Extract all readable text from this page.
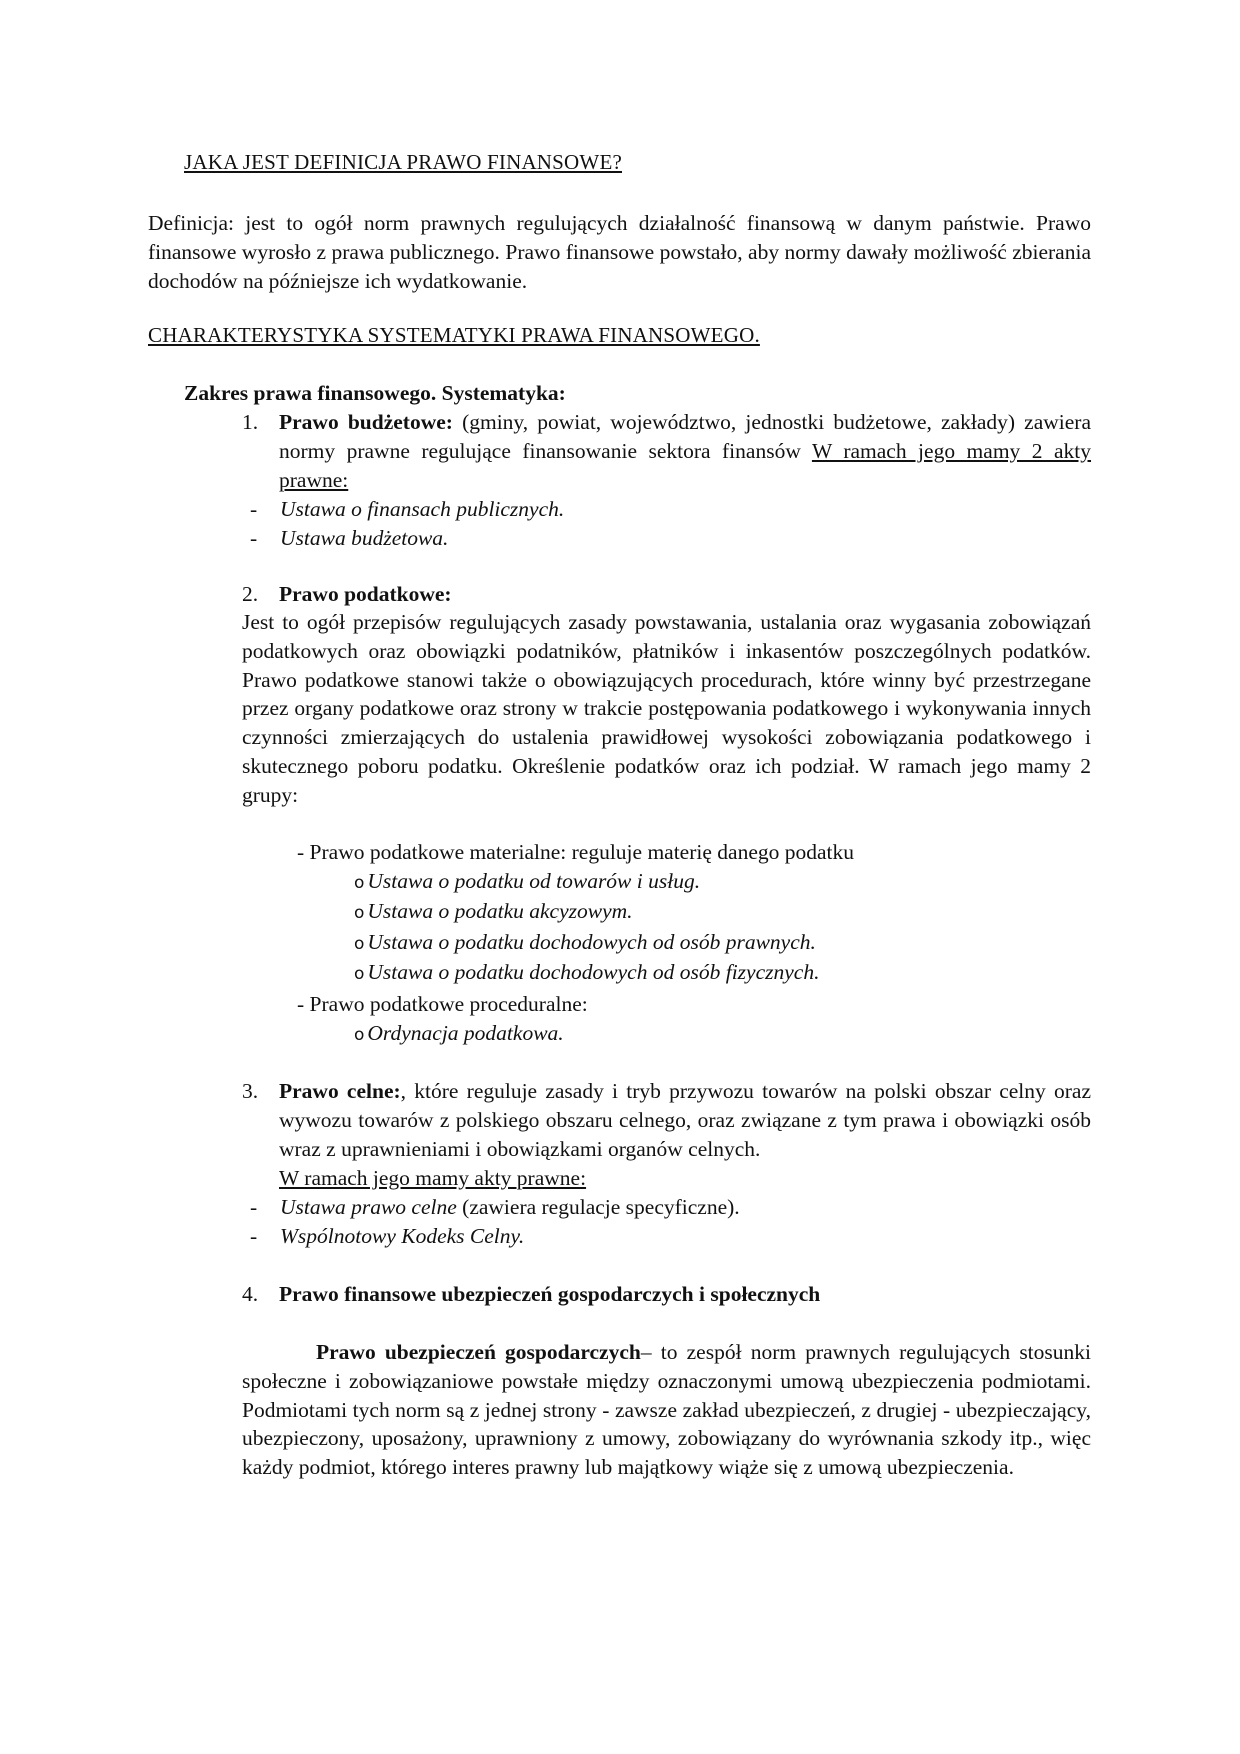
JAKA JEST DEFINICJA PRAWO FINANSOWE?

Definicja: jest to ogół norm prawnych regulujących działalność finansową w danym państwie. Prawo finansowe wyrosło z prawa publicznego. Prawo finansowe powstało, aby normy dawały możliwość zbierania dochodów na późniejsze ich wydatkowanie.

CHARAKTERYSTYKA SYSTEMATYKI PRAWA FINANSOWEGO.

Zakres prawa finansowego. Systematyka:

1. Prawo budżetowe: (gminy, powiat, województwo, jednostki budżetowe, zakłady) zawiera normy prawne regulujące finansowanie sektora finansów W ramach jego mamy 2 akty prawne:

- Ustawa o finansach publicznych.
- Ustawa budżetowa.
2. Prawo podatkowe:

Jest to ogół przepisów regulujących zasady powstawania, ustalania oraz wygasania zobowiązań podatkowych oraz obowiązki podatników, płatników i inkasentów poszczególnych podatków. Prawo podatkowe stanowi także o obowiązujących procedurach, które winny być przestrzegane przez organy podatkowe oraz strony w trakcie postępowania podatkowego i wykonywania innych czynności zmierzających do ustalenia prawidłowej wysokości zobowiązania podatkowego i skutecznego poboru podatku. Określenie podatków oraz ich podział. W ramach jego mamy 2 grupy:

- Prawo podatkowe materialne: reguluje materię danego podatku
o Ustawa o podatku od towarów i usług.
o Ustawa o podatku akcyzowym.
o Ustawa o podatku dochodowych od osób prawnych.
o Ustawa o podatku dochodowych od osób fizycznych.
- Prawo podatkowe proceduralne:
o Ordynacja podatkowa.
3. Prawo celne:, które reguluje zasady i tryb przywozu towarów na polski obszar celny oraz wywozu towarów z polskiego obszaru celnego, oraz związane z tym prawa i obowiązki osób wraz z uprawnieniami i obowiązkami organów celnych.

W ramach jego mamy akty prawne:
- Ustawa prawo celne (zawiera regulacje specyficzne).
- Wspólnotowy Kodeks Celny.
4. Prawo finansowe ubezpieczeń gospodarczych i społecznych

Prawo ubezpieczeń gospodarczych– to zespół norm prawnych regulujących stosunki społeczne i zobowiązaniowe powstałe między oznaczonymi umową ubezpieczenia podmiotami. Podmiotami tych norm są z jednej strony - zawsze zakład ubezpieczeń, z drugiej - ubezpieczający, ubezpieczony, uposażony, uprawniony z umowy, zobowiązany do wyrównania szkody itp., więc każdy podmiot, którego interes prawny lub majątkowy wiąże się z umową ubezpieczenia.
